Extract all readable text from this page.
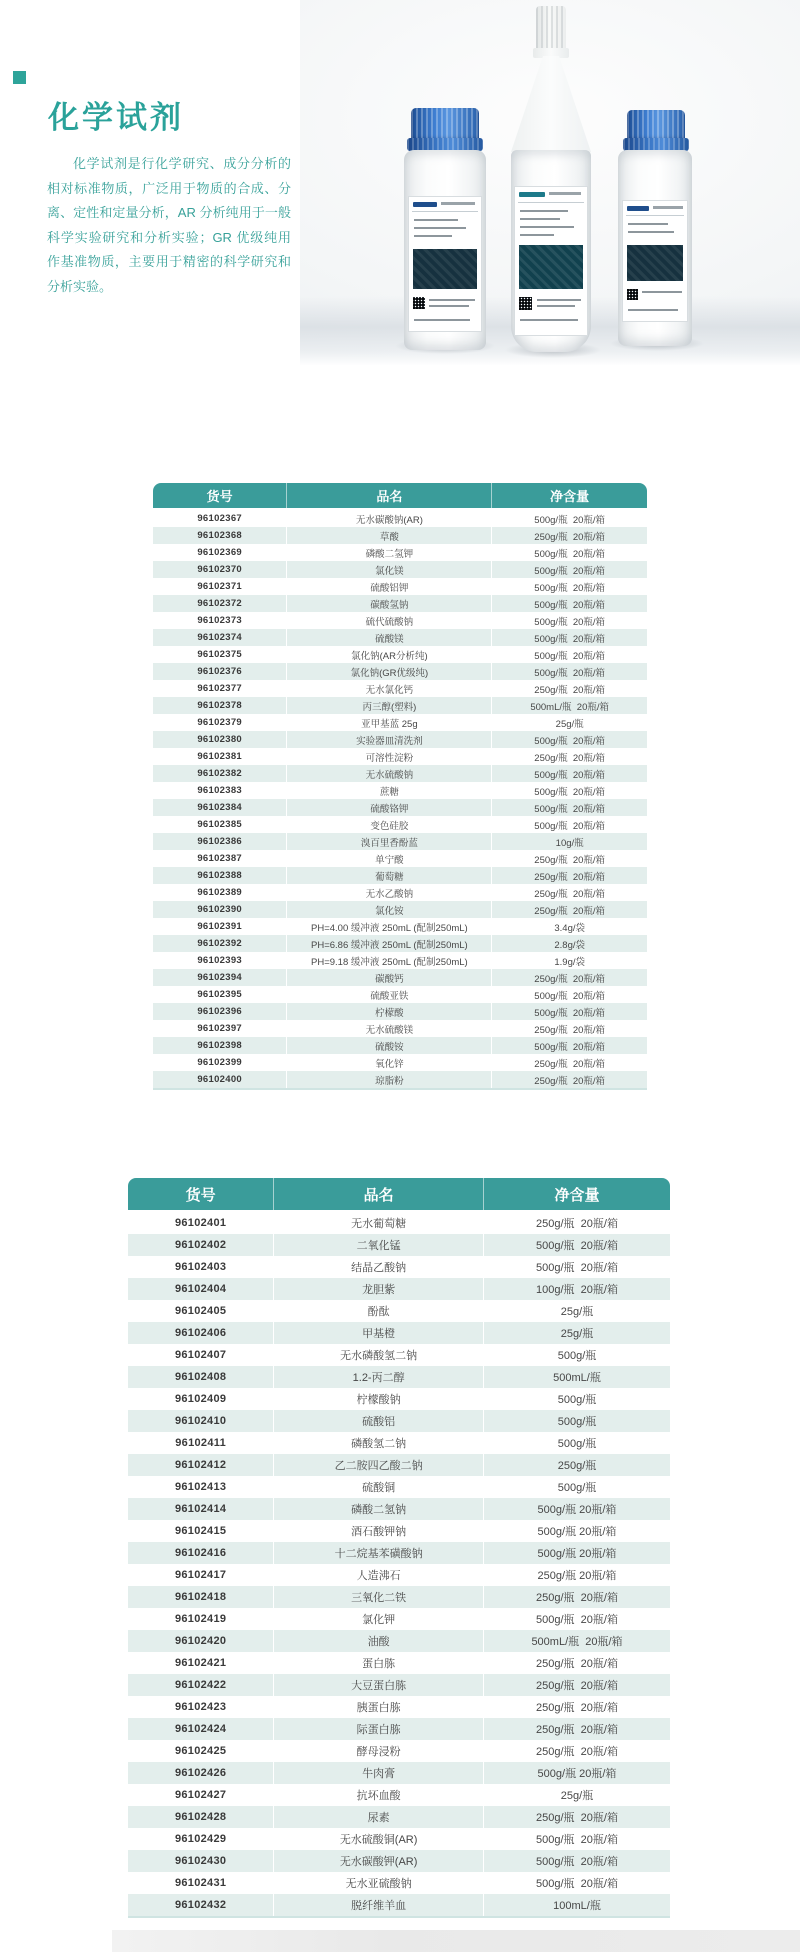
化学试剂

化学试剂是行化学研究、成分分析的相对标准物质，广泛用于物质的合成、分离、定性和定量分析，AR 分析纯用于一般科学实验研究和分析实验；GR 优级纯用作基准物质，主要用于精密的科学研究和分析实验。

货号	品名	净含量
96102367	无水碳酸钠(AR)	500g/瓶  20瓶/箱
96102368	草酸	250g/瓶  20瓶/箱
96102369	磷酸二氢钾	500g/瓶  20瓶/箱
96102370	氯化镁	500g/瓶  20瓶/箱
96102371	硫酸铝钾	500g/瓶  20瓶/箱
96102372	碳酸氢钠	500g/瓶  20瓶/箱
96102373	硫代硫酸钠	500g/瓶  20瓶/箱
96102374	硫酸镁	500g/瓶  20瓶/箱
96102375	氯化钠(AR分析纯)	500g/瓶  20瓶/箱
96102376	氯化钠(GR优级纯)	500g/瓶  20瓶/箱
96102377	无水氯化钙	250g/瓶  20瓶/箱
96102378	丙三醇(塑料)	500mL/瓶  20瓶/箱
96102379	亚甲基蓝 25g	25g/瓶
96102380	实验器皿清洗剂	500g/瓶  20瓶/箱
96102381	可溶性淀粉	250g/瓶  20瓶/箱
96102382	无水硫酸钠	500g/瓶  20瓶/箱
96102383	蔗糖	500g/瓶  20瓶/箱
96102384	硫酸铬钾	500g/瓶  20瓶/箱
96102385	变色硅胶	500g/瓶  20瓶/箱
96102386	溴百里香酚蓝	10g/瓶
96102387	单宁酸	250g/瓶  20瓶/箱
96102388	葡萄糖	250g/瓶  20瓶/箱
96102389	无水乙酸钠	250g/瓶  20瓶/箱
96102390	氯化铵	250g/瓶  20瓶/箱
96102391	PH=4.00 缓冲液 250mL (配制250mL)	3.4g/袋
96102392	PH=6.86 缓冲液 250mL (配制250mL)	2.8g/袋
96102393	PH=9.18 缓冲液 250mL (配制250mL)	1.9g/袋
96102394	碳酸钙	250g/瓶  20瓶/箱
96102395	硫酸亚铁	500g/瓶  20瓶/箱
96102396	柠檬酸	500g/瓶  20瓶/箱
96102397	无水硫酸镁	250g/瓶  20瓶/箱
96102398	硫酸铵	500g/瓶  20瓶/箱
96102399	氧化锌	250g/瓶  20瓶/箱
96102400	琼脂粉	250g/瓶  20瓶/箱
货号	品名	净含量
96102401	无水葡萄糖	250g/瓶  20瓶/箱
96102402	二氧化锰	500g/瓶  20瓶/箱
96102403	结晶乙酸钠	500g/瓶  20瓶/箱
96102404	龙胆紫	100g/瓶  20瓶/箱
96102405	酚酞	25g/瓶
96102406	甲基橙	25g/瓶
96102407	无水磷酸氢二钠	500g/瓶
96102408	1.2-丙二醇	500mL/瓶
96102409	柠檬酸钠	500g/瓶
96102410	硫酸铝	500g/瓶
96102411	磷酸氢二钠	500g/瓶
96102412	乙二胺四乙酸二钠	250g/瓶
96102413	硫酸铜	500g/瓶
96102414	磷酸二氢钠	500g/瓶 20瓶/箱
96102415	酒石酸钾钠	500g/瓶 20瓶/箱
96102416	十二烷基苯磺酸钠	500g/瓶 20瓶/箱
96102417	人造沸石	250g/瓶 20瓶/箱
96102418	三氧化二铁	250g/瓶  20瓶/箱
96102419	氯化钾	500g/瓶  20瓶/箱
96102420	油酸	500mL/瓶  20瓶/箱
96102421	蛋白胨	250g/瓶  20瓶/箱
96102422	大豆蛋白胨	250g/瓶  20瓶/箱
96102423	胰蛋白胨	250g/瓶  20瓶/箱
96102424	际蛋白胨	250g/瓶  20瓶/箱
96102425	酵母浸粉	250g/瓶  20瓶/箱
96102426	牛肉膏	500g/瓶 20瓶/箱
96102427	抗坏血酸	25g/瓶
96102428	尿素	250g/瓶  20瓶/箱
96102429	无水硫酸铜(AR)	500g/瓶  20瓶/箱
96102430	无水碳酸钾(AR)	500g/瓶  20瓶/箱
96102431	无水亚硫酸钠	500g/瓶  20瓶/箱
96102432	脱纤维羊血	100mL/瓶
